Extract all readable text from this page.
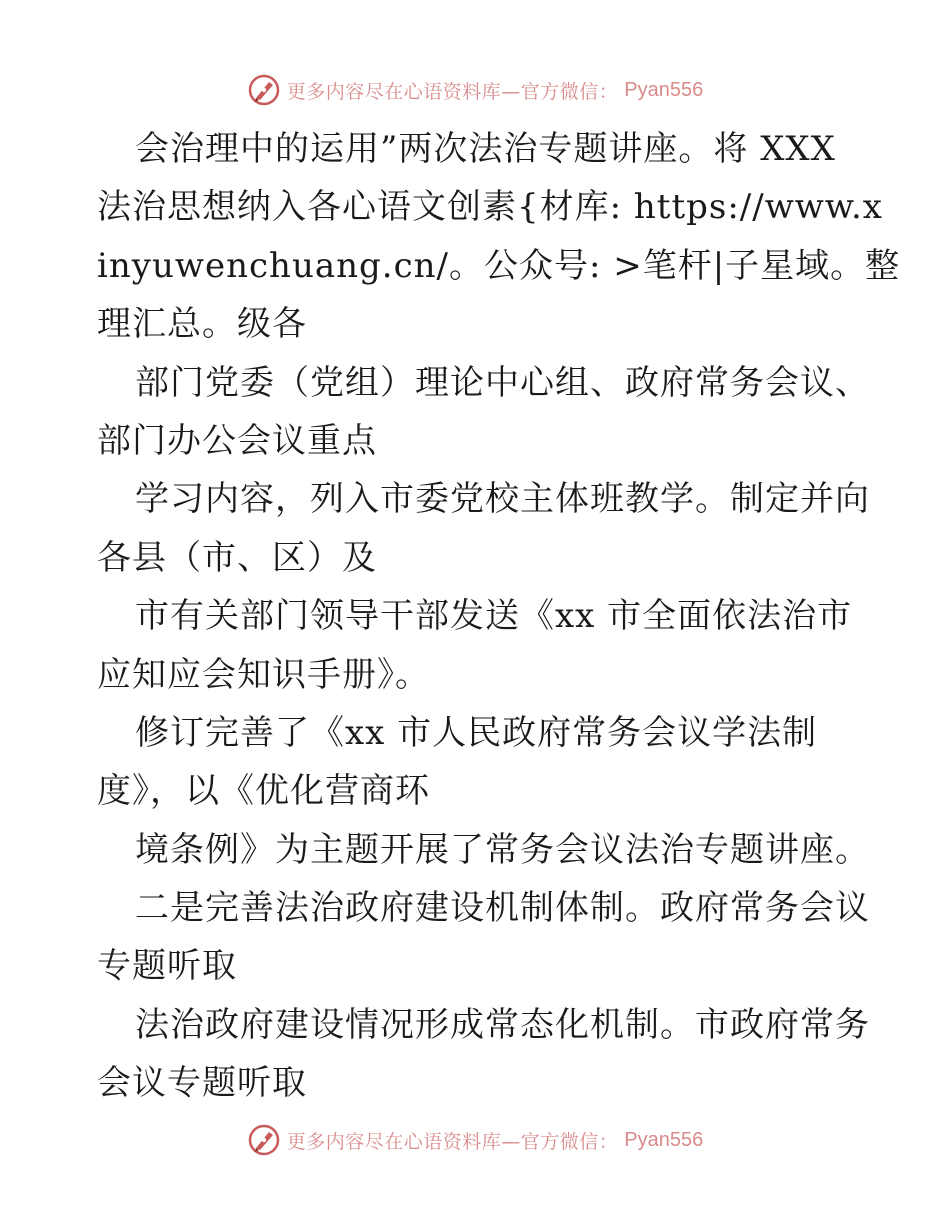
更多内容尽在心语资料库—官方微信： Pyan556
会治理中的运用”两次法治专题讲座。将 XXX
法治思想纳入各心语文创素{材库: https://www.x
inyuwenchuang.cn/。公众号: >笔杆|子星域。整
理汇总。级各
部门党委（党组）理论中心组、政府常务会议、
部门办公会议重点
学习内容，列入市委党校主体班教学。制定并向
各县（市、区）及
市有关部门领导干部发送《xx 市全面依法治市
应知应会知识手册》。
修订完善了《xx 市人民政府常务会议学法制
度》，以《优化营商环
境条例》为主题开展了常务会议法治专题讲座。
二是完善法治政府建设机制体制。政府常务会议
专题听取
法治政府建设情况形成常态化机制。市政府常务
会议专题听取
更多内容尽在心语资料库—官方微信： Pyan556
